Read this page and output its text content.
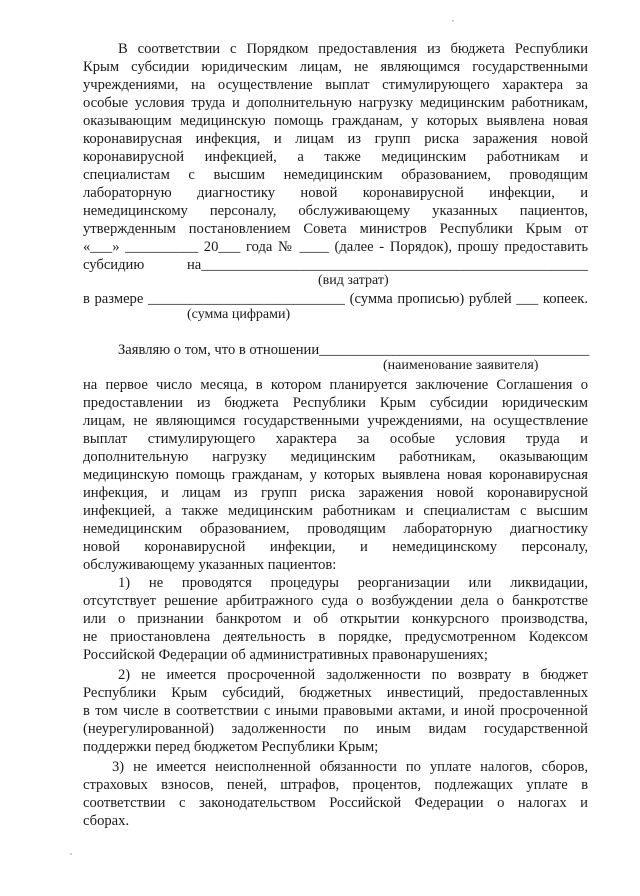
В соответствии с Порядком предоставления из бюджета Республики
Крым субсидии юридическим лицам, не являющимся государственными
учреждениями, на осуществление выплат стимулирующего характера за
особые условия труда и дополнительную нагрузку медицинским работникам,
оказывающим медицинскую помощь гражданам, у которых выявлена новая
коронавирусная инфекция, и лицам из групп риска заражения новой
коронавирусной инфекцией, а также медицинским работникам и
специалистам с высшим немедицинским образованием, проводящим
лабораторную диагностику новой коронавирусной инфекции, и
немедицинскому персоналу, обслуживающему указанных пациентов,
утвержденным постановлением Совета министров Республики Крым от
«___» __________ 20___ года № ____ (далее - Порядок), прошу предоставить
субсидию на_____________________________________________________
(вид затрат)
в размере ___________________________ (сумма прописью) рублей ___ копеек.
(сумма цифрами)
Заявляю о том, что в отношении_____________________________________
(наименование заявителя)
на первое число месяца, в котором планируется заключение Соглашения о
предоставлении из бюджета Республики Крым субсидии юридическим
лицам, не являющимся государственными учреждениями, на осуществление
выплат стимулирующего характера за особые условия труда и
дополнительную нагрузку медицинским работникам, оказывающим
медицинскую помощь гражданам, у которых выявлена новая коронавирусная
инфекция, и лицам из групп риска заражения новой коронавирусной
инфекцией, а также медицинским работникам и специалистам с высшим
немедицинским образованием, проводящим лабораторную диагностику
новой коронавирусной инфекции, и немедицинскому персоналу,
обслуживающему указанных пациентов:
1) не проводятся процедуры реорганизации или ликвидации,
отсутствует решение арбитражного суда о возбуждении дела о банкротстве
или о признании банкротом и об открытии конкурсного производства,
не приостановлена деятельность в порядке, предусмотренном Кодексом
Российской Федерации об административных правонарушениях;
2) не имеется просроченной задолженности по возврату в бюджет
Республики Крым субсидий, бюджетных инвестиций, предоставленных
в том числе в соответствии с иными правовыми актами, и иной просроченной
(неурегулированной) задолженности по иным видам государственной
поддержки перед бюджетом Республики Крым;
3) не имеется неисполненной обязанности по уплате налогов, сборов,
страховых взносов, пеней, штрафов, процентов, подлежащих уплате в
соответствии с законодательством Российской Федерации о налогах и
сборах.
